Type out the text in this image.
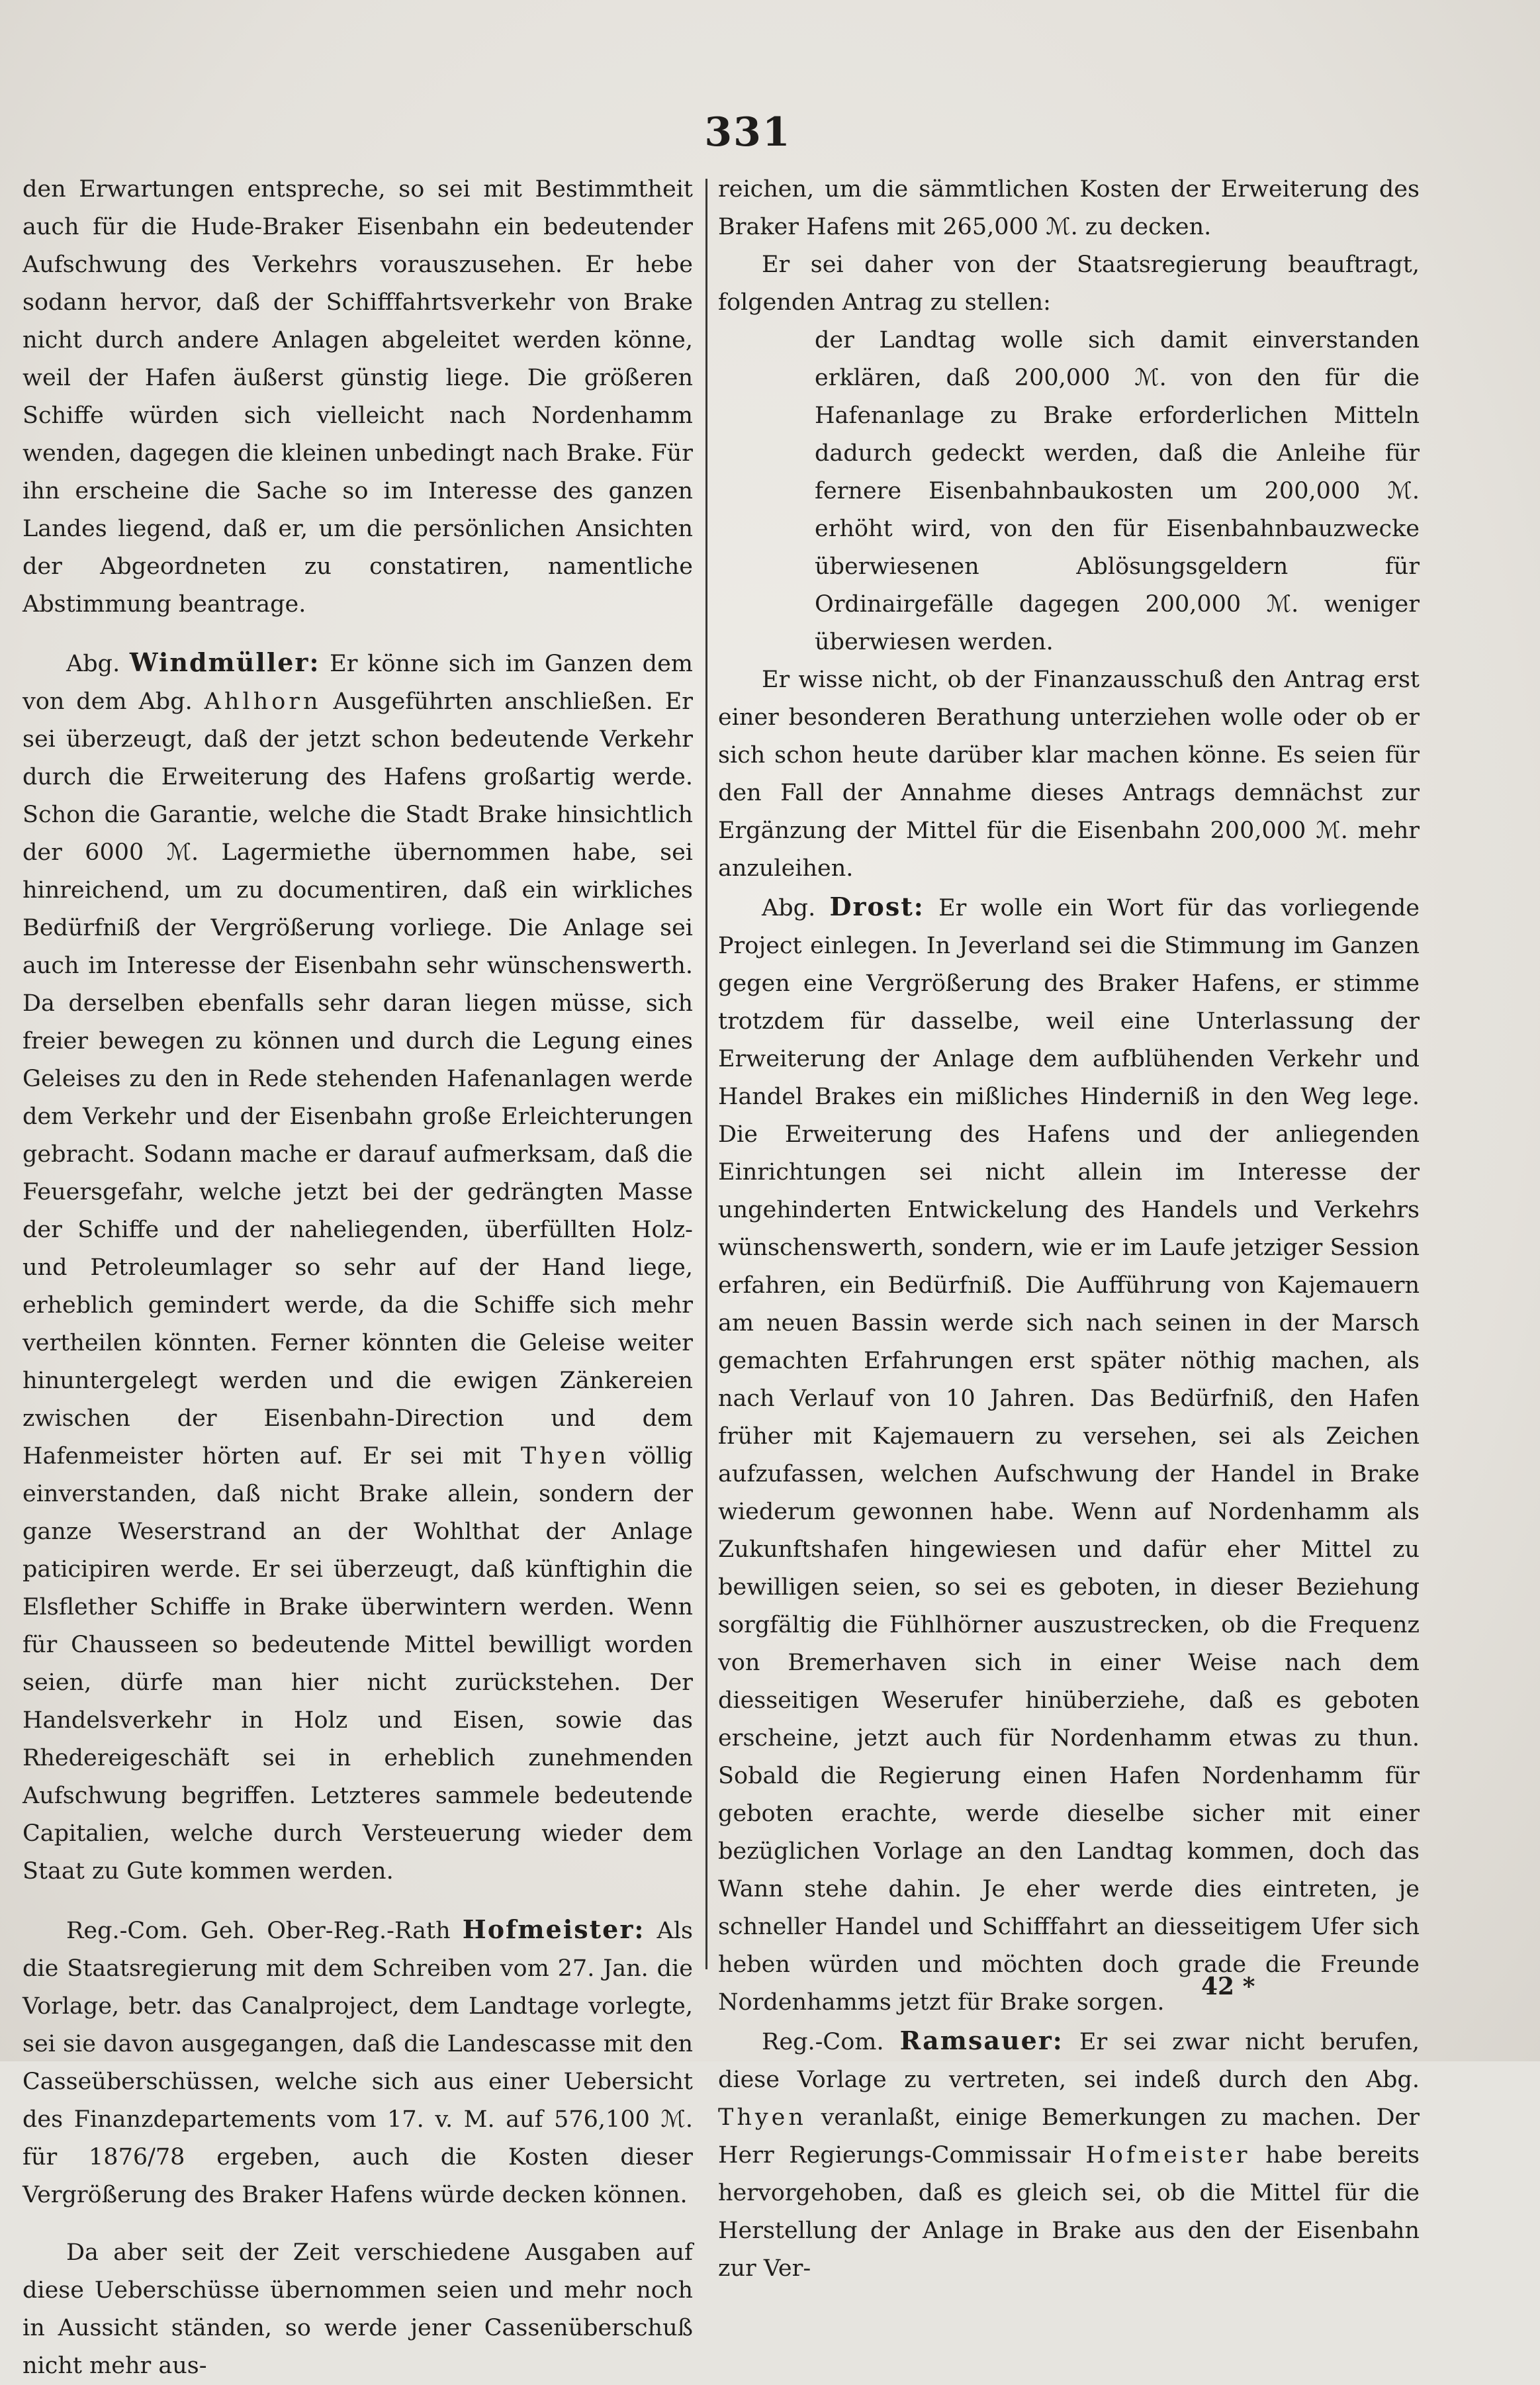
331

den Erwartungen entspreche, so sei mit Bestimmtheit auch für die Hude-Braker Eisenbahn ein bedeutender Aufschwung des Verkehrs vorauszusehen. Er hebe sodann hervor, daß der Schifffahrtsverkehr von Brake nicht durch andere Anlagen abgeleitet werden könne, weil der Hafen äußerst günstig liege. Die größeren Schiffe würden sich vielleicht nach Nordenhamm wenden, dagegen die kleinen unbedingt nach Brake. Für ihn erscheine die Sache so im Interesse des ganzen Landes liegend, daß er, um die persönlichen Ansichten der Abgeordneten zu constatiren, namentliche Abstimmung beantrage.

Abg. Windmüller: Er könne sich im Ganzen dem von dem Abg. Ahlhorn Ausgeführten anschließen. Er sei überzeugt, daß der jetzt schon bedeutende Verkehr durch die Erweiterung des Hafens großartig werde. Schon die Garantie, welche die Stadt Brake hinsichtlich der 6000 ℳ. Lagermiethe übernommen habe, sei hinreichend, um zu documentiren, daß ein wirkliches Bedürfniß der Vergrößerung vorliege. Die Anlage sei auch im Interesse der Eisenbahn sehr wünschenswerth. Da derselben ebenfalls sehr daran liegen müsse, sich freier bewegen zu können und durch die Legung eines Geleises zu den in Rede stehenden Hafenanlagen werde dem Verkehr und der Eisenbahn große Erleichterungen gebracht. Sodann mache er darauf aufmerksam, daß die Feuersgefahr, welche jetzt bei der gedrängten Masse der Schiffe und der naheliegenden, überfüllten Holz- und Petroleumlager so sehr auf der Hand liege, erheblich gemindert werde, da die Schiffe sich mehr vertheilen könnten. Ferner könnten die Geleise weiter hinuntergelegt werden und die ewigen Zänkereien zwischen der Eisenbahn-Direction und dem Hafenmeister hörten auf. Er sei mit Thyen völlig einverstanden, daß nicht Brake allein, sondern der ganze Weserstrand an der Wohlthat der Anlage paticipiren werde. Er sei überzeugt, daß künftighin die Elsflether Schiffe in Brake überwintern werden. Wenn für Chausseen so bedeutende Mittel bewilligt worden seien, dürfe man hier nicht zurückstehen. Der Handelsverkehr in Holz und Eisen, sowie das Rhedereigeschäft sei in erheblich zunehmenden Aufschwung begriffen. Letzteres sammele bedeutende Capitalien, welche durch Versteuerung wieder dem Staat zu Gute kommen werden.

Reg.-Com. Geh. Ober-Reg.-Rath Hofmeister: Als die Staatsregierung mit dem Schreiben vom 27. Jan. die Vorlage, betr. das Canalproject, dem Landtage vorlegte, sei sie davon ausgegangen, daß die Landescasse mit den Casseüberschüssen, welche sich aus einer Uebersicht des Finanzdepartements vom 17. v. M. auf 576,100 ℳ. für 1876/78 ergeben, auch die Kosten dieser Vergrößerung des Braker Hafens würde decken können.

Da aber seit der Zeit verschiedene Ausgaben auf diese Ueberschüsse übernommen seien und mehr noch in Aussicht ständen, so werde jener Cassenüberschuß nicht mehr aus-

reichen, um die sämmtlichen Kosten der Erweiterung des Braker Hafens mit 265,000 ℳ. zu decken.

Er sei daher von der Staatsregierung beauftragt, folgenden Antrag zu stellen:

der Landtag wolle sich damit einverstanden erklären, daß 200,000 ℳ. von den für die Hafenanlage zu Brake erforderlichen Mitteln dadurch gedeckt werden, daß die Anleihe für fernere Eisenbahnbaukosten um 200,000 ℳ. erhöht wird, von den für Eisenbahnbauzwecke überwiesenen Ablösungsgeldern für Ordinairgefälle dagegen 200,000 ℳ. weniger überwiesen werden.

Er wisse nicht, ob der Finanzausschuß den Antrag erst einer besonderen Berathung unterziehen wolle oder ob er sich schon heute darüber klar machen könne. Es seien für den Fall der Annahme dieses Antrags demnächst zur Ergänzung der Mittel für die Eisenbahn 200,000 ℳ. mehr anzuleihen.

Abg. Drost: Er wolle ein Wort für das vorliegende Project einlegen. In Jeverland sei die Stimmung im Ganzen gegen eine Vergrößerung des Braker Hafens, er stimme trotzdem für dasselbe, weil eine Unterlassung der Erweiterung der Anlage dem aufblühenden Verkehr und Handel Brakes ein mißliches Hinderniß in den Weg lege. Die Erweiterung des Hafens und der anliegenden Einrichtungen sei nicht allein im Interesse der ungehinderten Entwickelung des Handels und Verkehrs wünschenswerth, sondern, wie er im Laufe jetziger Session erfahren, ein Bedürfniß. Die Aufführung von Kajemauern am neuen Bassin werde sich nach seinen in der Marsch gemachten Erfahrungen erst später nöthig machen, als nach Verlauf von 10 Jahren. Das Bedürfniß, den Hafen früher mit Kajemauern zu versehen, sei als Zeichen aufzufassen, welchen Aufschwung der Handel in Brake wiederum gewonnen habe. Wenn auf Nordenhamm als Zukunftshafen hingewiesen und dafür eher Mittel zu bewilligen seien, so sei es geboten, in dieser Beziehung sorgfältig die Fühlhörner auszustrecken, ob die Frequenz von Bremerhaven sich in einer Weise nach dem diesseitigen Weserufer hinüberziehe, daß es geboten erscheine, jetzt auch für Nordenhamm etwas zu thun. Sobald die Regierung einen Hafen Nordenhamm für geboten erachte, werde dieselbe sicher mit einer bezüglichen Vorlage an den Landtag kommen, doch das Wann stehe dahin. Je eher werde dies eintreten, je schneller Handel und Schifffahrt an diesseitigem Ufer sich heben würden und möchten doch grade die Freunde Nordenhamms jetzt für Brake sorgen.

Reg.-Com. Ramsauer: Er sei zwar nicht berufen, diese Vorlage zu vertreten, sei indeß durch den Abg. Thyen veranlaßt, einige Bemerkungen zu machen. Der Herr Regierungs-Commissair Hofmeister habe bereits hervorgehoben, daß es gleich sei, ob die Mittel für die Herstellung der Anlage in Brake aus den der Eisenbahn zur Ver-

42 *
